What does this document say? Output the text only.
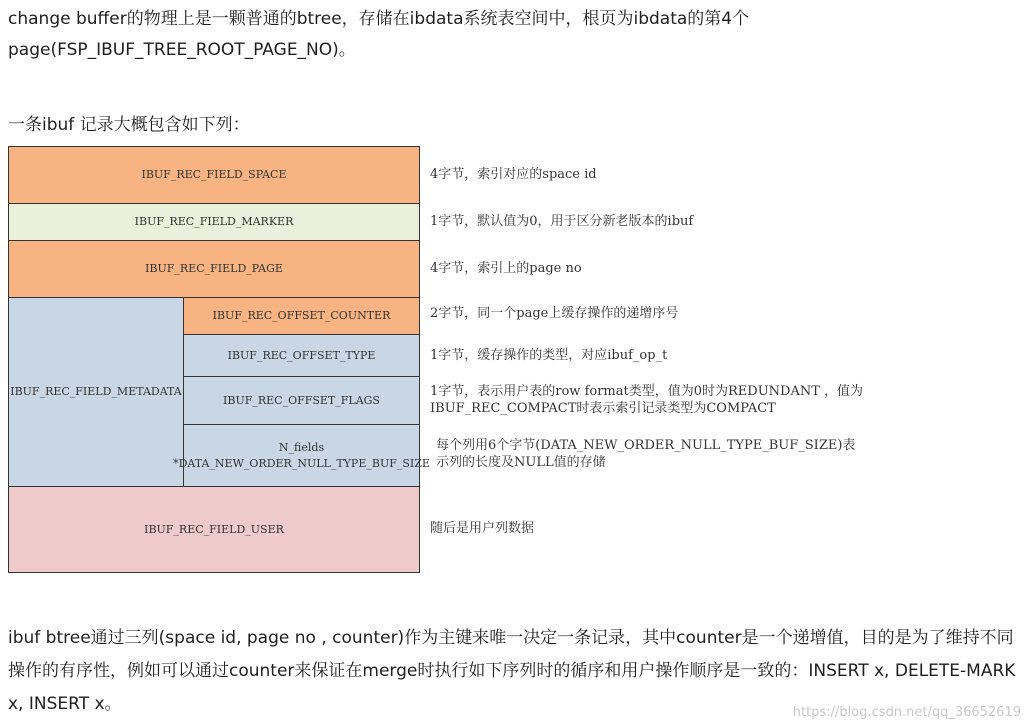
change buffer的物理上是一颗普通的btree，存储在ibdata系统表空间中，根页为ibdata的第4个page(FSP_IBUF_TREE_ROOT_PAGE_NO)。

一条ibuf 记录大概包含如下列：

IBUF_REC_FIELD_SPACE
IBUF_REC_FIELD_MARKER
IBUF_REC_FIELD_PAGE
IBUF_REC_FIELD_METADATA
IBUF_REC_OFFSET_COUNTER
IBUF_REC_OFFSET_TYPE
IBUF_REC_OFFSET_FLAGS
N_fields
*DATA_NEW_ORDER_NULL_TYPE_BUF_SIZE
IBUF_REC_FIELD_USER
4字节，索引对应的space id
1字节，默认值为0，用于区分新老版本的ibuf
4字节，索引上的page no
2字节，同一个page上缓存操作的递增序号
1字节，缓存操作的类型，对应ibuf_op_t
1字节，表示用户表的row format类型，值为0时为REDUNDANT ，值为
IBUF_REC_COMPACT时表示索引记录类型为COMPACT
每个列用6个字节(DATA_NEW_ORDER_NULL_TYPE_BUF_SIZE)表
示列的长度及NULL值的存储
随后是用户列数据

ibuf btree通过三列(space id, page no , counter)作为主键来唯一决定一条记录，其中counter是一个递增值，目的是为了维持不同操作的有序性，例如可以通过counter来保证在merge时执行如下序列时的循序和用户操作顺序是一致的：INSERT x, DELETE-MARK x, INSERT x。	https://blog.csdn.net/qq_36652619
